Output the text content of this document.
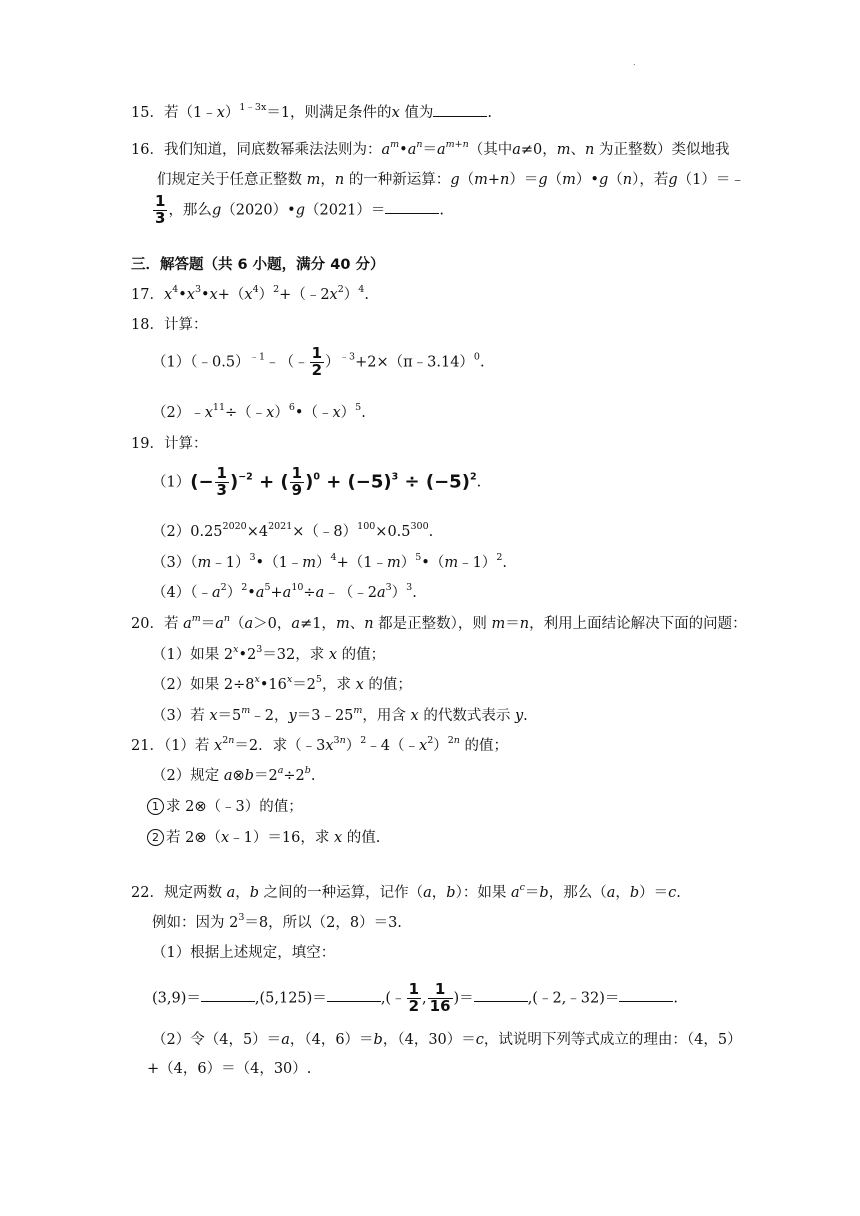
.
15．若（1﹣x）$^{1﹣3x}$＝1，则满足条件的x 值为	.
16．我们知道，同底数幂乘法法则为：$a^m•a^n=a^{m+n}$（其中a≠0，m、n 为正整数）类似地我
们规定关于任意正整数 m，n 的一种新运算：g（m+n）＝g（m）•g（n），若g（1）＝﹣
$\frac{1}{3}$ ，那么g（2020）•g（2021）＝	.
三．解答题（共 6 小题，满分 40 分）
17．$x^4•x^3•x+(x^4)^2+(﹣2x^2)^4$.
18．计算：
（1）（﹣0.5）$^{﹣1}$﹣（﹣ $\frac{1}{2}$ ）$^{﹣3}$+2×（π﹣3.14）$^0$.
$(2)﹣x^{11}\div(﹣x)^6•(﹣x)^5$.
19．计算：
$(1)(- \frac{1}{3} )^{-2}$ + ( $\frac{1}{9} )^0 + (-5)^3 \div (-5)^2$.
$(2)0.25^{2020}\times 4^{2021}\times(﹣8)^{100}\times 0.5^{300}$.
（3）（m﹣1）$^3$•（1﹣m）$^4$+（1﹣m）$^5$•（m﹣1）$^2$.
$(4)(﹣a^2)^2•a^5+a^{10}\div a﹣(﹣2a^3)^3$.
20．若 $a^m=a^n(a>0$，a≠1，m、n 都是正整数），则 m＝n，利用上面结论解决下面的问题：
（1）如果 $2^x•2^3=32$，求 x 的值；
（2）如果 $2\div 8^x•16^x=2^5$，求 x 的值；
（3）若 $x=5^m﹣2$，$y=3﹣25^m$，用含 x 的代数式表示 y.
21．（1）若 $x^{2n}=2$．求$(﹣3x^{3n})^2﹣4(﹣x^2)^{2n}$ 的值；
（2）规定 $a\otimes b=2^a\div 2^b$.
1 求 2⊗（﹣3）的值；
2 若 2⊗（x﹣1）＝16，求 x 的值.
22．规定两数 a，b 之间的一种运算，记作（a，b）：如果 $a^c=b$，那么（a，b）＝c.
例如：因为 $2^3=8$，所以（2，8）＝3.
（1）根据上述规定，填空：
(3,9)＝	,(5,125)＝	,(﹣ $\frac{1}{2}$ , $\frac{1}{16}$ )＝	,(﹣2,﹣32)＝	.
（2）令（4，5）＝a，（4，6）＝b，（4，30）＝c，试说明下列等式成立的理由：（4，5）
+（4，6）＝（4，30）.
